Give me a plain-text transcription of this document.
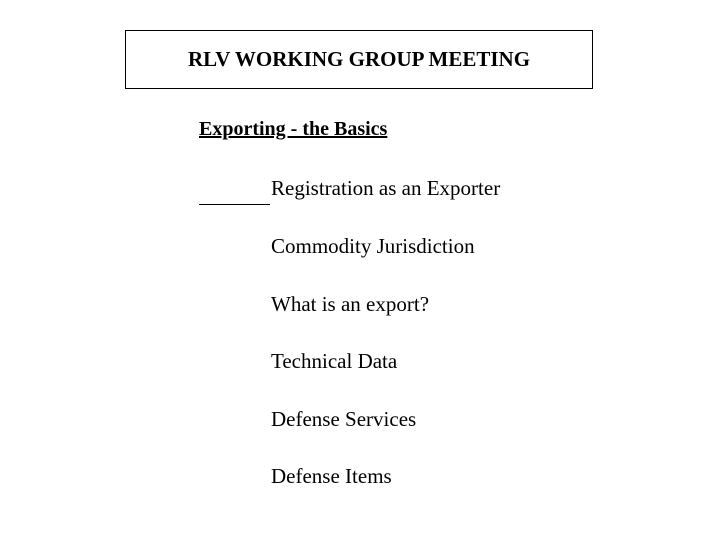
RLV WORKING GROUP MEETING
Exporting - the Basics
Registration as an Exporter
Commodity Jurisdiction
What is an export?
Technical Data
Defense Services
Defense Items
